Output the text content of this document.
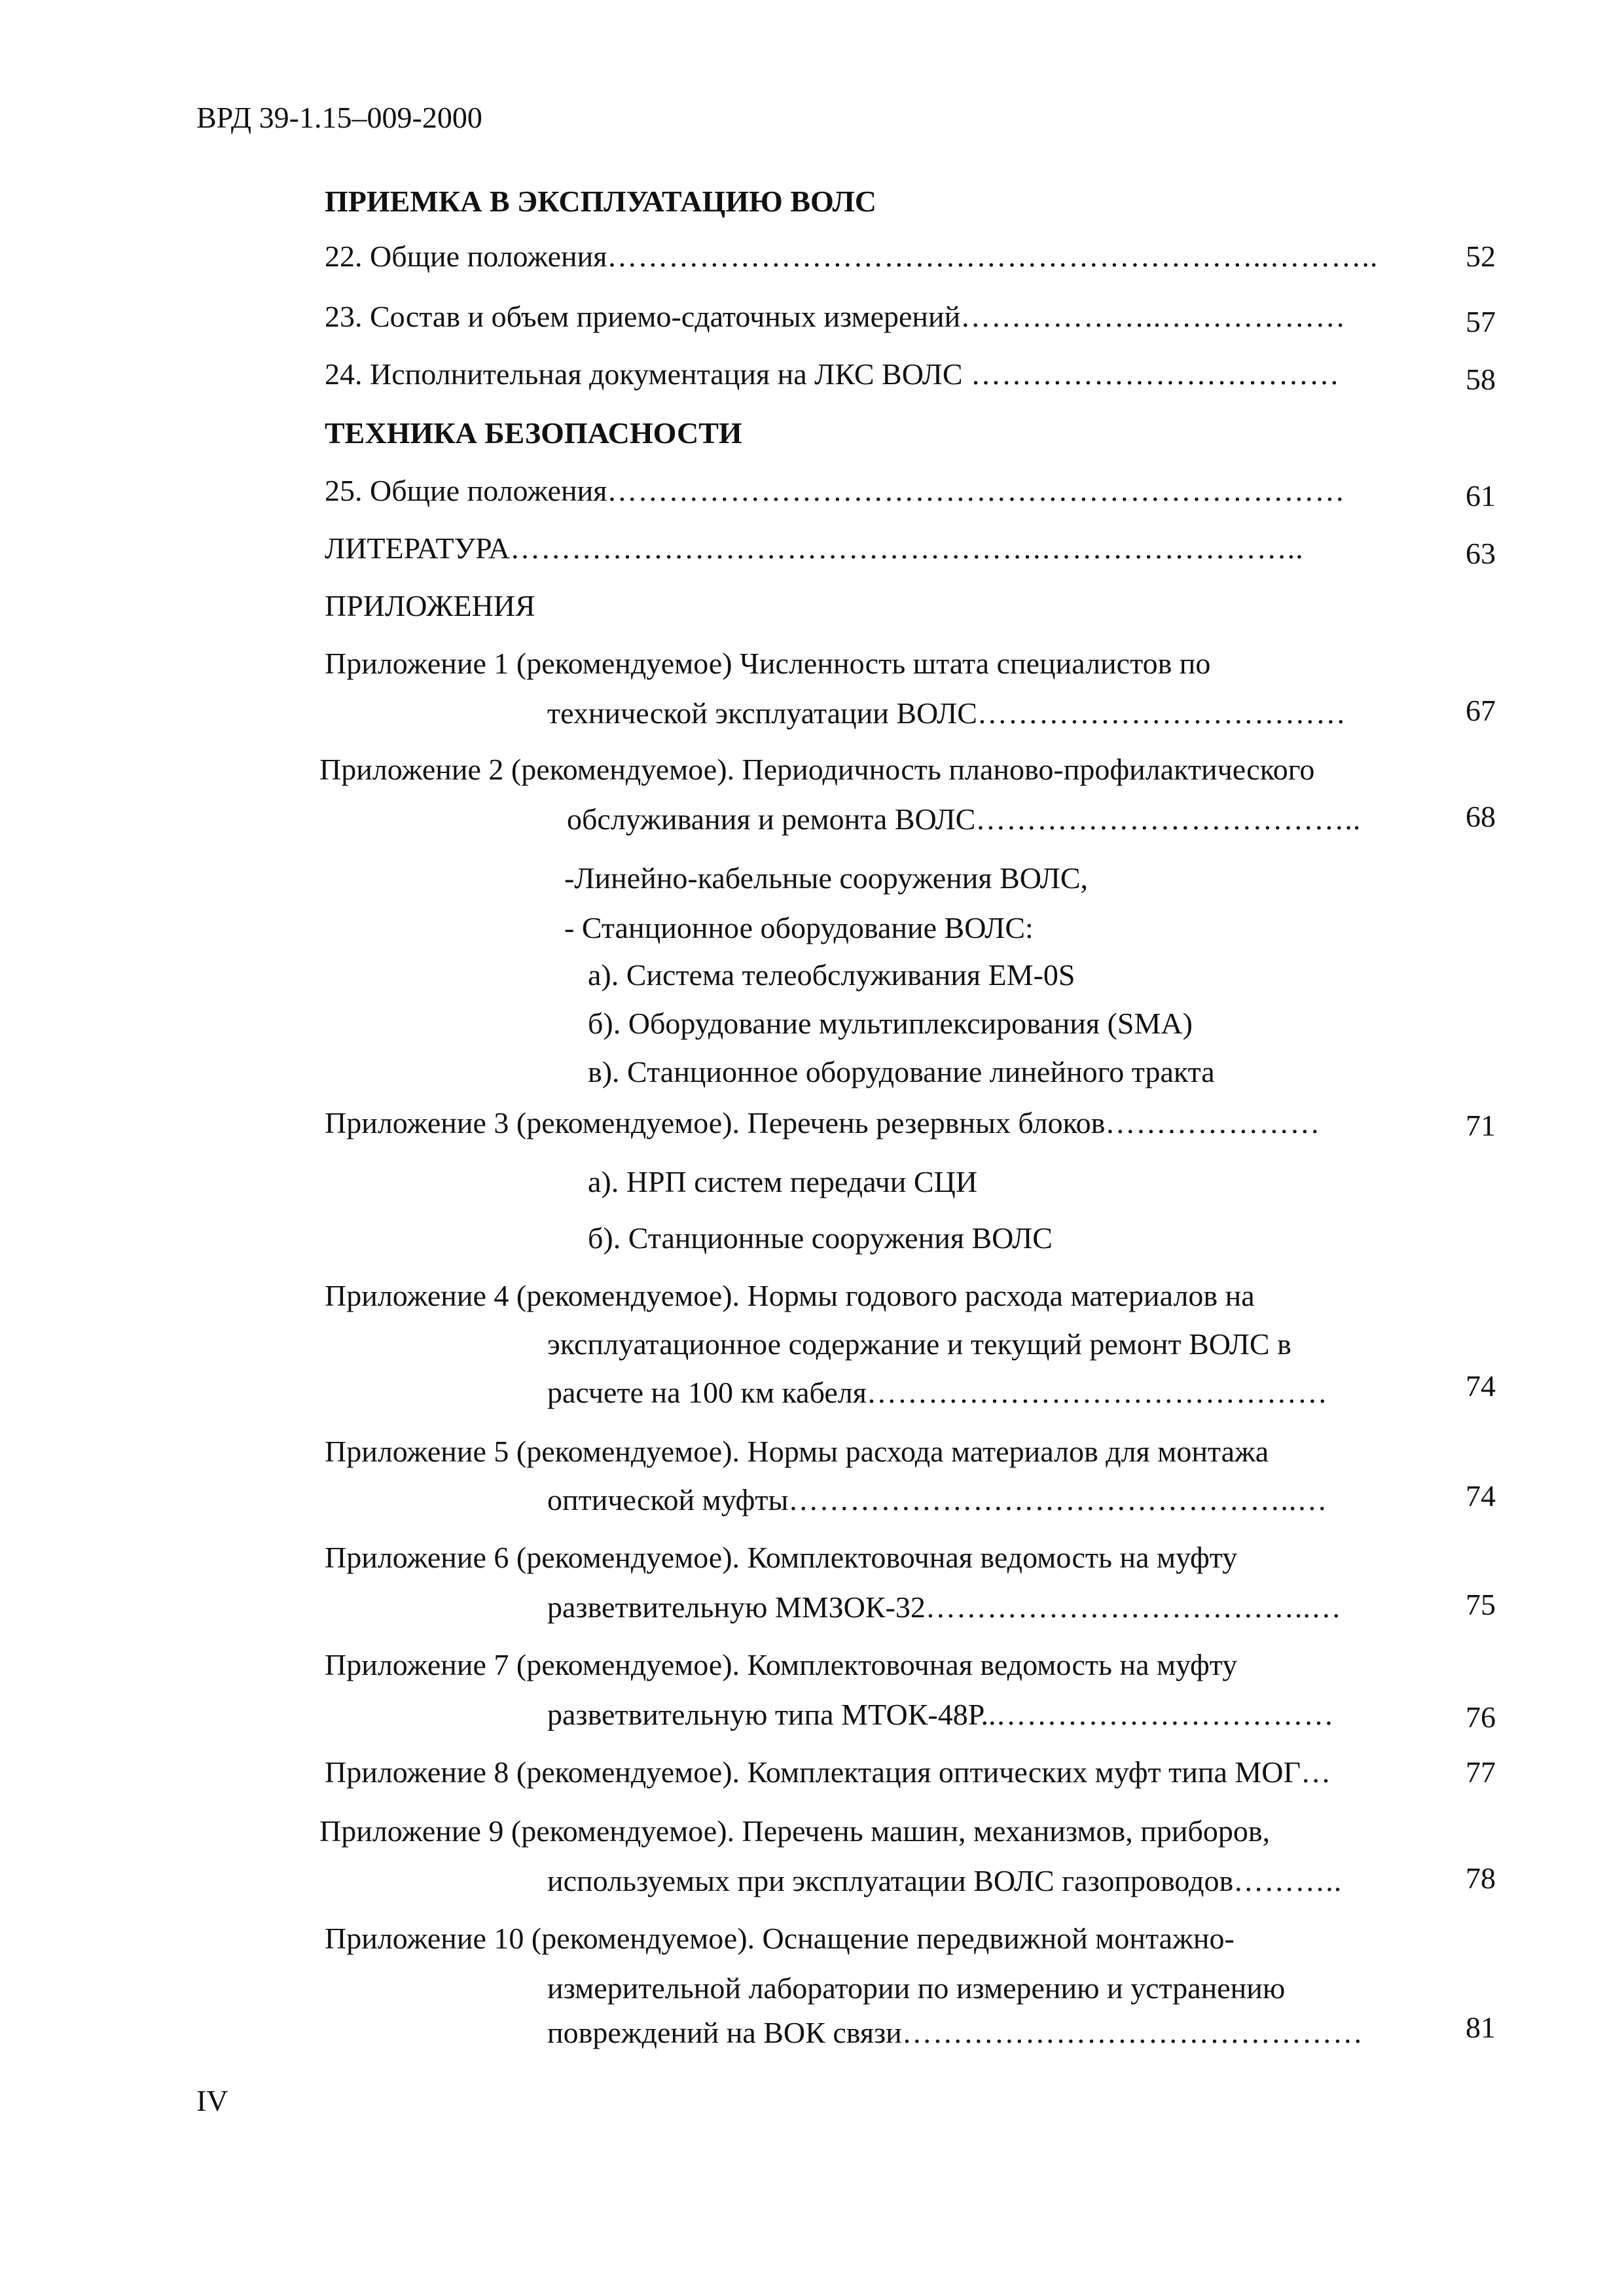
ВРД 39-1.15–009-2000
ПРИЕМКА В ЭКСПЛУАТАЦИЮ ВОЛС
22. Общие положения………………………………………………………..………..	52
23. Состав и объем приемо-сдаточных измерений………………..………………	57
24. Исполнительная документация на ЛКС ВОЛС ………………………………	58
ТЕХНИКА БЕЗОПАСНОСТИ
25. Общие положения………………………………………………………………	61
ЛИТЕРАТУРА…………………………………………….……………………..	63
ПРИЛОЖЕНИЯ
Приложение 1 (рекомендуемое) Численность штата специалистов по
технической эксплуатации ВОЛС………………………………	67
Приложение 2 (рекомендуемое). Периодичность планово-профилактического
обслуживания и ремонта ВОЛС………………………………..	68
-Линейно-кабельные сооружения ВОЛС,
- Станционное оборудование ВОЛС:
а). Система телеобслуживания ЕМ-0S
б). Оборудование мультиплексирования (SMA)
в). Станционное оборудование линейного тракта
Приложение 3 (рекомендуемое). Перечень резервных блоков…………………	71
а). НРП систем передачи СЦИ
б). Станционные сооружения ВОЛС
Приложение 4 (рекомендуемое). Нормы годового расхода материалов на
эксплуатационное содержание и текущий ремонт ВОЛС в
расчете на 100 км кабеля………………………………………	74
Приложение 5 (рекомендуемое). Нормы расхода материалов для монтажа
оптической муфты…………………………………………..…	74
Приложение 6 (рекомендуемое). Комплектовочная ведомость на муфту
разветвительную ММЗОК-32………………………………..…	75
Приложение 7 (рекомендуемое). Комплектовочная ведомость на муфту
разветвительную типа МТОК-48Р..……………………………	76
Приложение 8 (рекомендуемое). Комплектация оптических муфт типа МОГ…	77
Приложение 9 (рекомендуемое). Перечень машин, механизмов, приборов,
используемых при эксплуатации ВОЛС газопроводов………..	78
Приложение 10 (рекомендуемое). Оснащение передвижной монтажно-
измерительной лаборатории по измерению и устранению
повреждений на ВОК связи………………………………………	81
IV
